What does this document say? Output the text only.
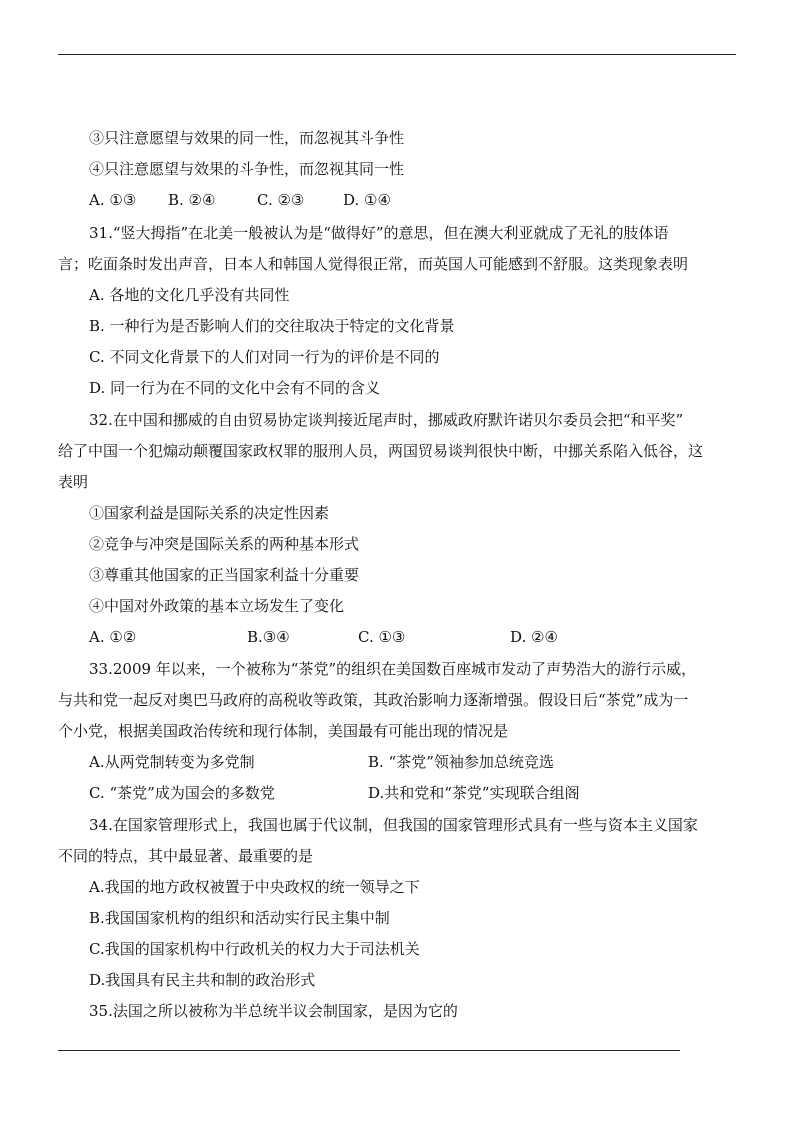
③只注意愿望与效果的同一性，而忽视其斗争性
④只注意愿望与效果的斗争性，而忽视其同一性
A. ①③ B. ②④	C. ②③	D. ①④
31.“竖大拇指”在北美一般被认为是“做得好”的意思，但在澳大利亚就成了无礼的肢体语
言；吃面条时发出声音，日本人和韩国人觉得很正常，而英国人可能感到不舒服。这类现象表明
A. 各地的文化几乎没有共同性
B. 一种行为是否影响人们的交往取决于特定的文化背景
C. 不同文化背景下的人们对同一行为的评价是不同的
D. 同一行为在不同的文化中会有不同的含义
32.在中国和挪威的自由贸易协定谈判接近尾声时，挪威政府默许诺贝尔委员会把“和平奖”
给了中国一个犯煽动颠覆国家政权罪的服刑人员，两国贸易谈判很快中断，中挪关系陷入低谷，这
表明
①国家利益是国际关系的决定性因素
②竞争与冲突是国际关系的两种基本形式
③尊重其他国家的正当国家利益十分重要
④中国对外政策的基本立场发生了变化
A. ①②	B.③④	C. ①③	D. ②④
33.2009 年以来，一个被称为“茶党”的组织在美国数百座城市发动了声势浩大的游行示威，
与共和党一起反对奥巴马政府的高税收等政策，其政治影响力逐渐增强。假设日后“茶党”成为一
个小党，根据美国政治传统和现行体制，美国最有可能出现的情况是
A.从两党制转变为多党制	B. “茶党”领袖参加总统竞选
C. “茶党”成为国会的多数党	D.共和党和“茶党”实现联合组阁
34.在国家管理形式上，我国也属于代议制，但我国的国家管理形式具有一些与资本主义国家
不同的特点，其中最显著、最重要的是
A.我国的地方政权被置于中央政权的统一领导之下
B.我国国家机构的组织和活动实行民主集中制
C.我国的国家机构中行政机关的权力大于司法机关
D.我国具有民主共和制的政治形式
35.法国之所以被称为半总统半议会制国家，是因为它的
